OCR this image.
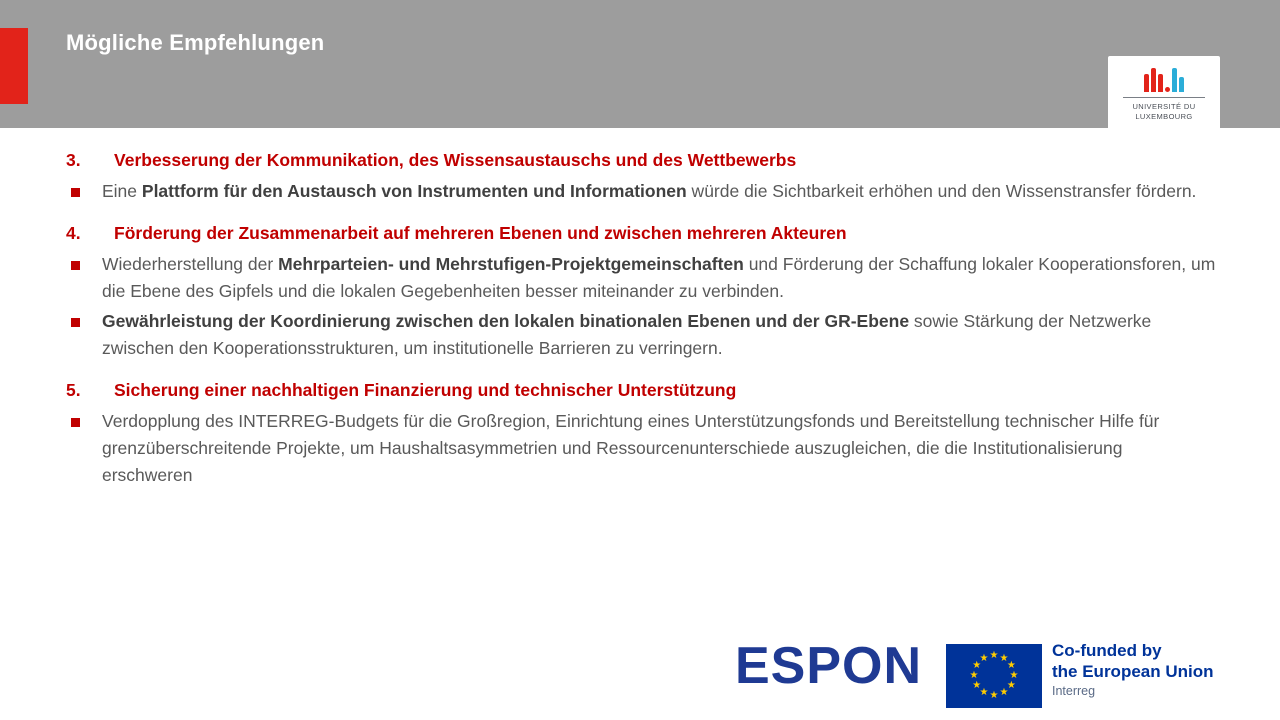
Mögliche Empfehlungen
UNIVERSITÉ DU
LUXEMBOURG
3.	Verbesserung der Kommunikation, des Wissensaustauschs und des Wettbewerbs
Eine Plattform für den Austausch von Instrumenten und Informationen würde die Sichtbarkeit erhöhen und den Wissenstransfer fördern.
4.	Förderung der Zusammenarbeit auf mehreren Ebenen und zwischen mehreren Akteuren
Wiederherstellung der Mehrparteien- und Mehrstufigen-Projektgemeinschaften und Förderung der Schaffung lokaler Kooperationsforen, um die Ebene des Gipfels und die lokalen Gegebenheiten besser miteinander zu verbinden.
Gewährleistung der Koordinierung zwischen den lokalen binationalen Ebenen und der GR-Ebene sowie Stärkung der Netzwerke zwischen den Kooperationsstrukturen, um institutionelle Barrieren zu verringern.
5.	Sicherung einer nachhaltigen Finanzierung und technischer Unterstützung
Verdopplung des INTERREG-Budgets für die Großregion, Einrichtung eines Unterstützungsfonds und Bereitstellung technischer Hilfe für grenzüberschreitende Projekte, um Haushaltsasymmetrien und Ressourcenunterschiede auszugleichen, die die Institutionalisierung erschweren
ESPON	★ ★
★
★
★
★
★
★
★
★
★
★	Co-funded by
the European Union
Interreg
